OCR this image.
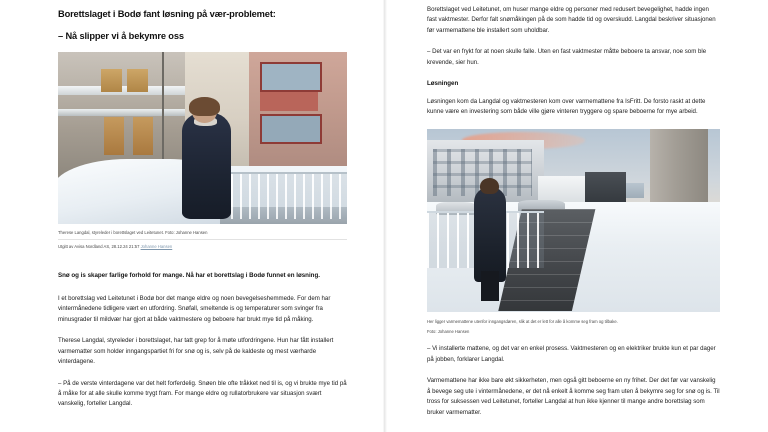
Borettslaget i Bodø fant løsning på vær-problemet:
– Nå slipper vi å bekymre oss

Therese Langdal, styreleder i borettslaget ved Leitetunet. Foto: Johanne Hansen

Utgitt av Avisa Nordland AS, 28.12.24 21:57 Johanne Hansen

Snø og is skaper farlige forhold for mange. Nå har et borettslag i Bodø funnet en løsning.

I et borettslag ved Leitetunet i Bodø bor det mange eldre og noen bevegelseshemmede. For dem har vintermånedene tidligere vært en utfordring. Snøfall, smeltende is og temperaturer som svinger fra minusgrader til mildvær har gjort at både vaktmestere og beboere har brukt mye tid på måking.

Therese Langdal, styreleder i borettslaget, har tatt grep for å møte utfordringene. Hun har fått installert varmematter som holder inngangspartiet fri for snø og is, selv på de kaldeste og mest værharde vinterdagene.

– På de verste vinterdagene var det helt forferdelig. Snøen ble ofte tråkket ned til is, og vi brukte mye tid på å måke for at alle skulle komme trygt fram. For mange eldre og rullatorbrukere var situasjon svært vanskelig, forteller Langdal.

Borettslaget ved Leitetunet, om huser mange eldre og personer med redusert bevegelighet, hadde ingen fast vaktmester. Derfor falt snømåkingen på de som hadde tid og overskudd. Langdal beskriver situasjonen før varmemattene ble installert som uholdbar.

– Det var en frykt for at noen skulle falle. Uten en fast vaktmester måtte beboere ta ansvar, noe som ble krevende, sier hun.

Løsningen

Løsningen kom da Langdal og vaktmesteren kom over varmemattene fra IsFritt. De forsto raskt at dette kunne være en investering som både ville gjøre vinteren tryggere og spare beboerne for mye arbeid.

Her ligger varmemattene utenfor inngangsdøren, slik at det er lett for alle å komme seg fram og tilbake.

Foto: Johanne Hansen

– Vi installerte mattene, og det var en enkel prosess. Vaktmesteren og en elektriker brukte kun et par dager på jobben, forklarer Langdal.

Varmemattene har ikke bare økt sikkerheten, men også gitt beboerne en ny frihet. Der det før var vanskelig å bevege seg ute i vintermånedene, er det nå enkelt å komme seg fram uten å bekymre seg for snø og is. Til tross for suksessen ved Leitetunet, forteller Langdal at hun ikke kjenner til mange andre borettslag som bruker varmematter.
